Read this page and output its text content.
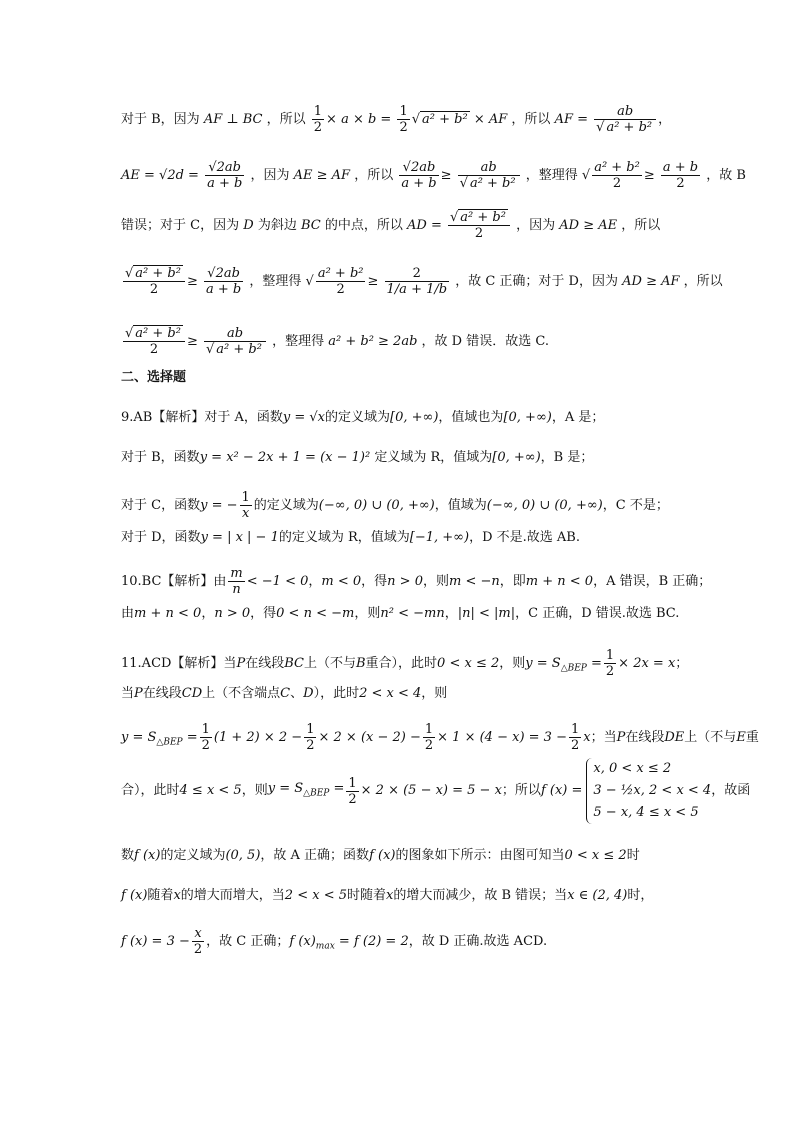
对于 B，因为 AF ⊥ BC ，所以 $\frac{1}{2} \times a \times b = \frac{1}{2}$ √ a² + b² × AF ，所以 AF = $\frac{ab}{\text{√ a² + b²}}$ ，
AE = $√2d = \frac{√2ab}{a + b}$ ，因为 AE ≥ AF ，所以 $\frac{√2ab}{a + b} \ge \frac{ab}{\text{√ a² + b²}}$ ，整理得 √ $\frac{\text{a² + b²}}{2} \ge \frac{a + b}{2}$ ，故 B
错误；对于 C，因为 D 为斜边 BC 的中点，所以 AD = $\frac{\text{√ a² + b²}}{2}$ ，因为 AD ≥ AE ，所以
$\frac{\text{√ a² + b²}}{2} \ge \frac{√2ab}{a + b}$ ，整理得 √ $\frac{\text{a² + b²}}{2} \ge \frac{2}{1/a + 1/b}$ ，故 C 正确；对于 D，因为 AD ≥ AF ，所以
$\frac{\text{√ a² + b²}}{2} \ge \frac{ab}{\text{√ a² + b²}}$ ，整理得 a² + b² ≥ 2ab ，故 D 错误．故选 C.
二、选择题
9.AB【解析】对于 A，函数y = √x的定义域为[0, +∞)，值域也为[0, +∞)，A 是；
对于 B，函数y = x² − 2x + 1 = (x − 1)² 定义域为 R，值域为[0, +∞)，B 是；
对于 C，函数y = − $\frac{1}{x}$ 的定义域为(−∞, 0) ∪ (0, +∞)，值域为(−∞, 0) ∪ (0, +∞)，C 不是；
对于 D，函数y = | x | − 1的定义域为 R，值域为[−1, +∞)，D 不是.故选 AB.
10.BC【解析】由 $\frac{m}{n} < -1 < 0$，m < 0，得n > 0，则m < −n，即m + n < 0，A 错误，B 正确；
由m + n < 0，n > 0，得0 < n < −m，则n² < −mn，|n| < |m|，C 正确，D 错误.故选 BC.
11.ACD【解析】当P在线段BC上（不与B重合），此时0 < x ≤ 2，则$y = S_{\triangle BEP} = \frac{1}{2} \times 2x = x$；
当P在线段CD上（不含端点C、D），此时2 < x < 4，则
$y = S_{\triangle BEP} = \frac{1}{2} (1 + 2) \times 2 - \frac{1}{2} \times 2 \times (x - 2) - \frac{1}{2} \times 1 \times (4 - x) = 3 - \frac{1}{2}$ x；当P在线段DE上（不与E重
合），此时4 ≤ x < 5，则$y = S_{\triangle BEP} = \frac{1}{2} \times 2 \times (5 - x) = 5 - x$；所以f (x) =
x, 0 < x ≤ 2
3 − ½x, 2 < x < 4
5 − x, 4 ≤ x < 5
，故函
数f (x)的定义域为(0, 5)，故 A 正确；函数f (x)的图象如下所示：由图可知当0 < x ≤ 2时
f (x)随着x的增大而增大，当2 < x < 5时随着x的增大而减少，故 B 错误；当x ∈ (2, 4)时，
f $(x) = 3 - \frac{x}{2}$ ，故 C 正确；f $(x)_{max} = f$ (2) = 2，故 D 正确.故选 ACD.
